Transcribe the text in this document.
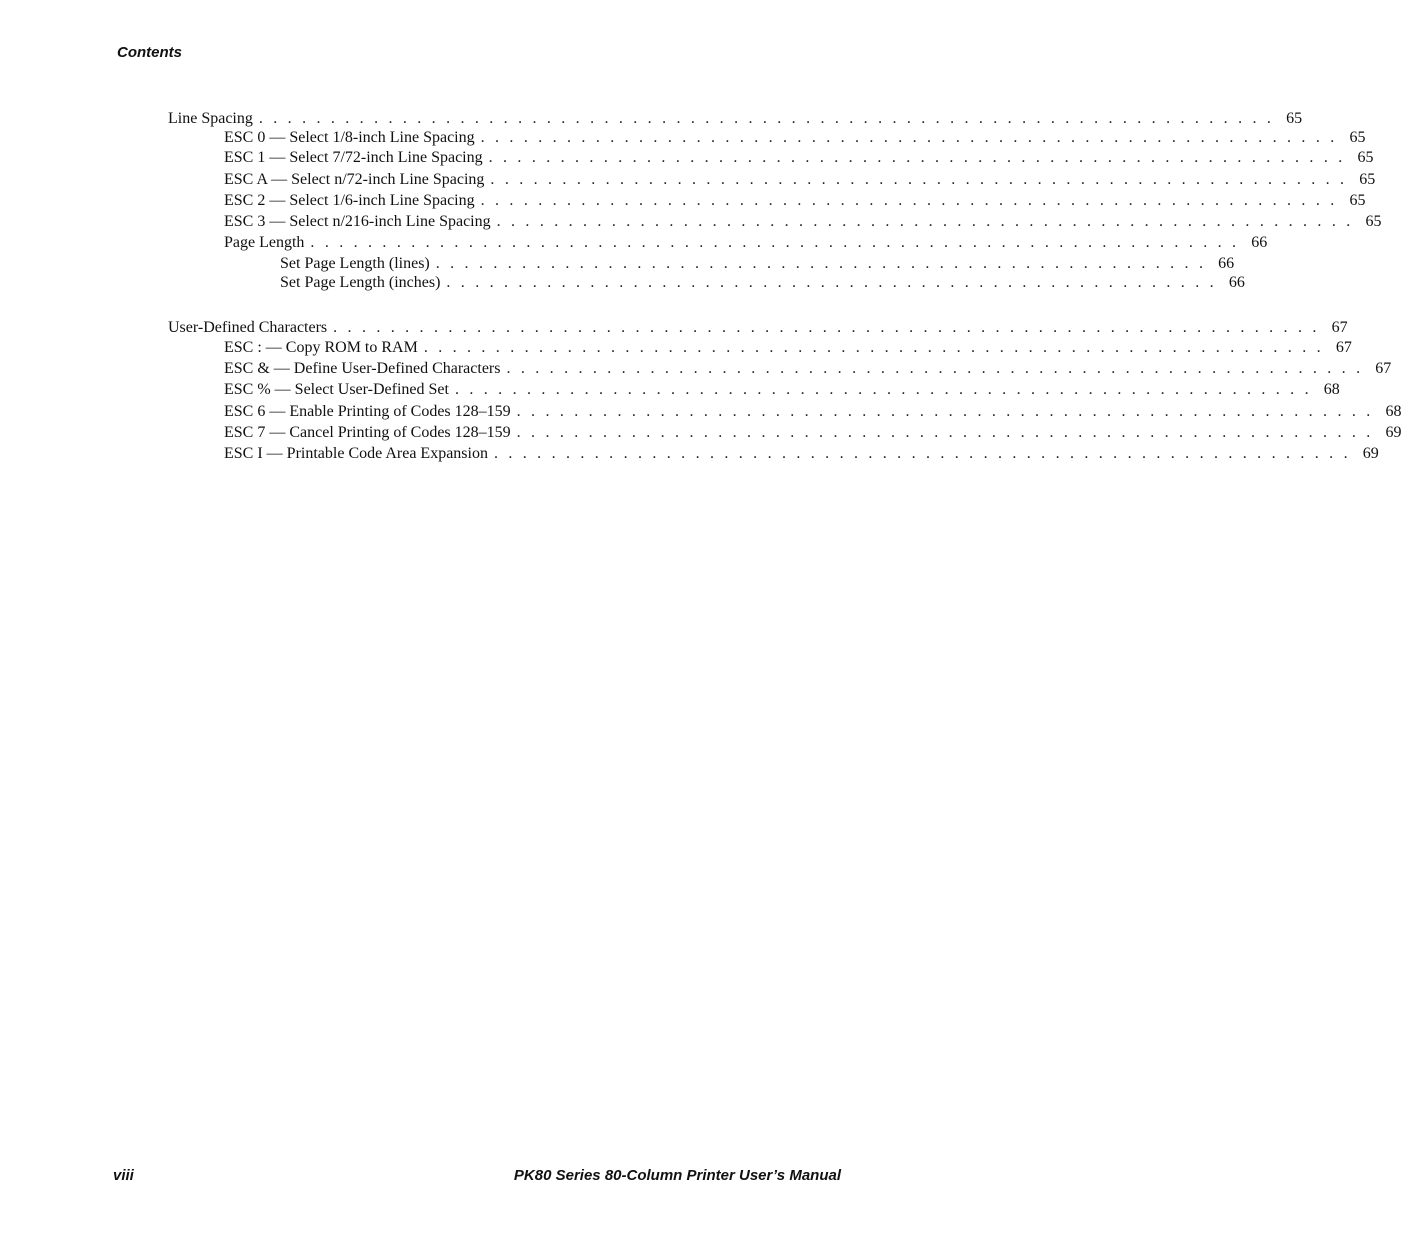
Contents
Line Spacing . . . . . . . . . . . . . . . . . . . . . . . . . . . . . . . . . . . . . . . . . . . . . . . . . . . . . . . . . . . . . . . . . . . . . . . 65
ESC 0 — Select 1/8-inch Line Spacing . . . . . . . . . . . . . . . . . . . . . . . . . . . . . . . . . . . . . . . . . . . . . . . . . . . . . . . . . . . . 65
ESC 1 — Select 7/72-inch Line Spacing . . . . . . . . . . . . . . . . . . . . . . . . . . . . . . . . . . . . . . . . . . . . . . . . . . . . . . . . . . . . 65
ESC A — Select n/72-inch Line Spacing . . . . . . . . . . . . . . . . . . . . . . . . . . . . . . . . . . . . . . . . . . . . . . . . . . . . . . . . . . . . 65
ESC 2 — Select 1/6-inch Line Spacing . . . . . . . . . . . . . . . . . . . . . . . . . . . . . . . . . . . . . . . . . . . . . . . . . . . . . . . . . . . . 65
ESC 3 — Select n/216-inch Line Spacing . . . . . . . . . . . . . . . . . . . . . . . . . . . . . . . . . . . . . . . . . . . . . . . . . . . . . . . . . . . . 65
Page Length . . . . . . . . . . . . . . . . . . . . . . . . . . . . . . . . . . . . . . . . . . . . . . . . . . . . . . . . . . . . . . . . . 66
Set Page Length (lines) . . . . . . . . . . . . . . . . . . . . . . . . . . . . . . . . . . . . . . . . . . . . . . . . . . . . . . 66
Set Page Length (inches) . . . . . . . . . . . . . . . . . . . . . . . . . . . . . . . . . . . . . . . . . . . . . . . . . . . . . . 66
User-Defined Characters . . . . . . . . . . . . . . . . . . . . . . . . . . . . . . . . . . . . . . . . . . . . . . . . . . . . . . . . . . . . . . . . . . . . . 67
ESC : — Copy ROM to RAM . . . . . . . . . . . . . . . . . . . . . . . . . . . . . . . . . . . . . . . . . . . . . . . . . . . . . . . . . . . . . . . 67
ESC & — Define User-Defined Characters . . . . . . . . . . . . . . . . . . . . . . . . . . . . . . . . . . . . . . . . . . . . . . . . . . . . . . . . . . . . 67
ESC % — Select User-Defined Set . . . . . . . . . . . . . . . . . . . . . . . . . . . . . . . . . . . . . . . . . . . . . . . . . . . . . . . . . . . . 68
ESC 6 — Enable Printing of Codes 128–159 . . . . . . . . . . . . . . . . . . . . . . . . . . . . . . . . . . . . . . . . . . . . . . . . . . . . . . . . . . . . 68
ESC 7 — Cancel Printing of Codes 128–159 . . . . . . . . . . . . . . . . . . . . . . . . . . . . . . . . . . . . . . . . . . . . . . . . . . . . . . . . . . . . 69
ESC I — Printable Code Area Expansion . . . . . . . . . . . . . . . . . . . . . . . . . . . . . . . . . . . . . . . . . . . . . . . . . . . . . . . . . . . . 69
viii	PK80 Series 80-Column Printer User’s Manual
